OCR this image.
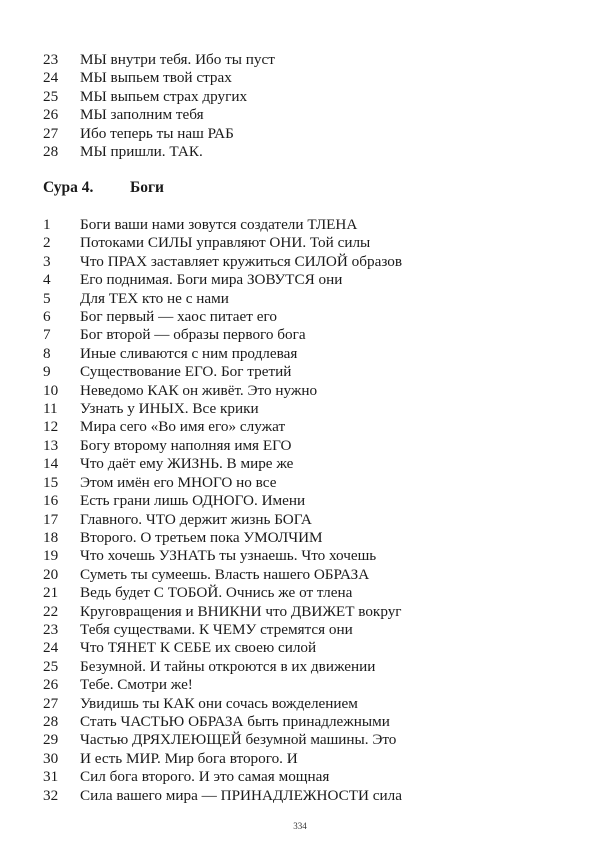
23	МЫ внутри тебя. Ибо ты пуст
24	МЫ выпьем твой страх
25	МЫ выпьем страх других
26	МЫ заполним тебя
27	Ибо теперь ты наш РАБ
28	МЫ пришли. ТАК.
Сура 4.	Боги
1	Боги ваши нами зовутся создатели ТЛЕНА
2	Потоками СИЛЫ управляют ОНИ. Той силы
3	Что ПРАХ заставляет кружиться СИЛОЙ образов
4	Его поднимая. Боги мира ЗОВУТСЯ они
5	Для ТЕХ кто не с нами
6	Бог первый — хаос питает его
7	Бог второй — образы первого бога
8	Иные сливаются с ним продлевая
9	Существование ЕГО. Бог третий
10	Неведомо КАК он живёт. Это нужно
11	Узнать у ИНЫХ. Все крики
12	Мира сего «Во имя его» служат
13	Богу второму наполняя имя ЕГО
14	Что даёт ему ЖИЗНЬ. В мире же
15	Этом имён его МНОГО но все
16	Есть грани лишь ОДНОГО. Имени
17	Главного. ЧТО держит жизнь БОГА
18	Второго. О третьем пока УМОЛЧИМ
19	Что хочешь УЗНАТЬ ты узнаешь. Что хочешь
20	Суметь ты сумеешь. Власть нашего ОБРАЗА
21	Ведь будет С ТОБОЙ. Очнись же от тлена
22	Круговращения и ВНИКНИ что ДВИЖЕТ вокруг
23	Тебя существами. К ЧЕМУ стремятся они
24	Что ТЯНЕТ К СЕБЕ их своею силой
25	Безумной. И тайны откроются в их движении
26	Тебе. Смотри же!
27	Увидишь ты КАК они сочась вожделением
28	Стать ЧАСТЬЮ ОБРАЗА быть принадлежными
29	Частью ДРЯХЛЕЮЩЕЙ безумной машины. Это
30	И есть МИР. Мир бога второго. И
31	Сил бога второго. И это самая мощная
32	Сила вашего мира — ПРИНАДЛЕЖНОСТИ сила
334
